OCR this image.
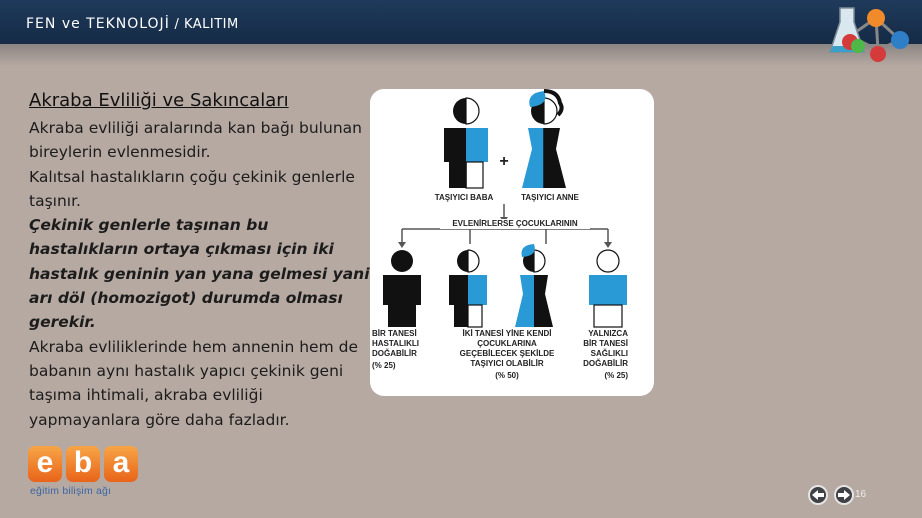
FEN ve TEKNOLOJİ / KALITIM
Akraba Evliliği ve Sakıncaları
Akraba evliliği aralarında kan bağı bulunan bireylerin evlenmesidir.
Kalıtsal hastalıkların çoğu çekinik genlerle taşınır.
Çekinik genlerle taşınan bu hastalıkların ortaya çıkması için iki hastalık geninin yan yana gelmesi yani arı döl (homozigot) durumda olması gerekir.
Akraba evliliklerinde hem annenin hem de babanın aynı hastalık yapıcı çekinik geni taşıma ihtimali, akraba evliliği yapmayanlara göre daha fazladır.
+
TAŞIYICI BABA	TAŞIYICI ANNE
EVLENİRLERSE ÇOCUKLARININ
BİR TANESİ
HASTALIKLI
DOĞABİLİR
(% 25)
İKİ TANESİ YİNE KENDİ
ÇOCUKLARINA
GEÇEBİLECEK ŞEKİLDE
TAŞIYICI OLABİLİR
(% 50)
YALNIZCA
BİR TANESİ
SAĞLIKLI
DOĞABİLİR
(% 25)
e b a
eğitim bilişim ağı	16
